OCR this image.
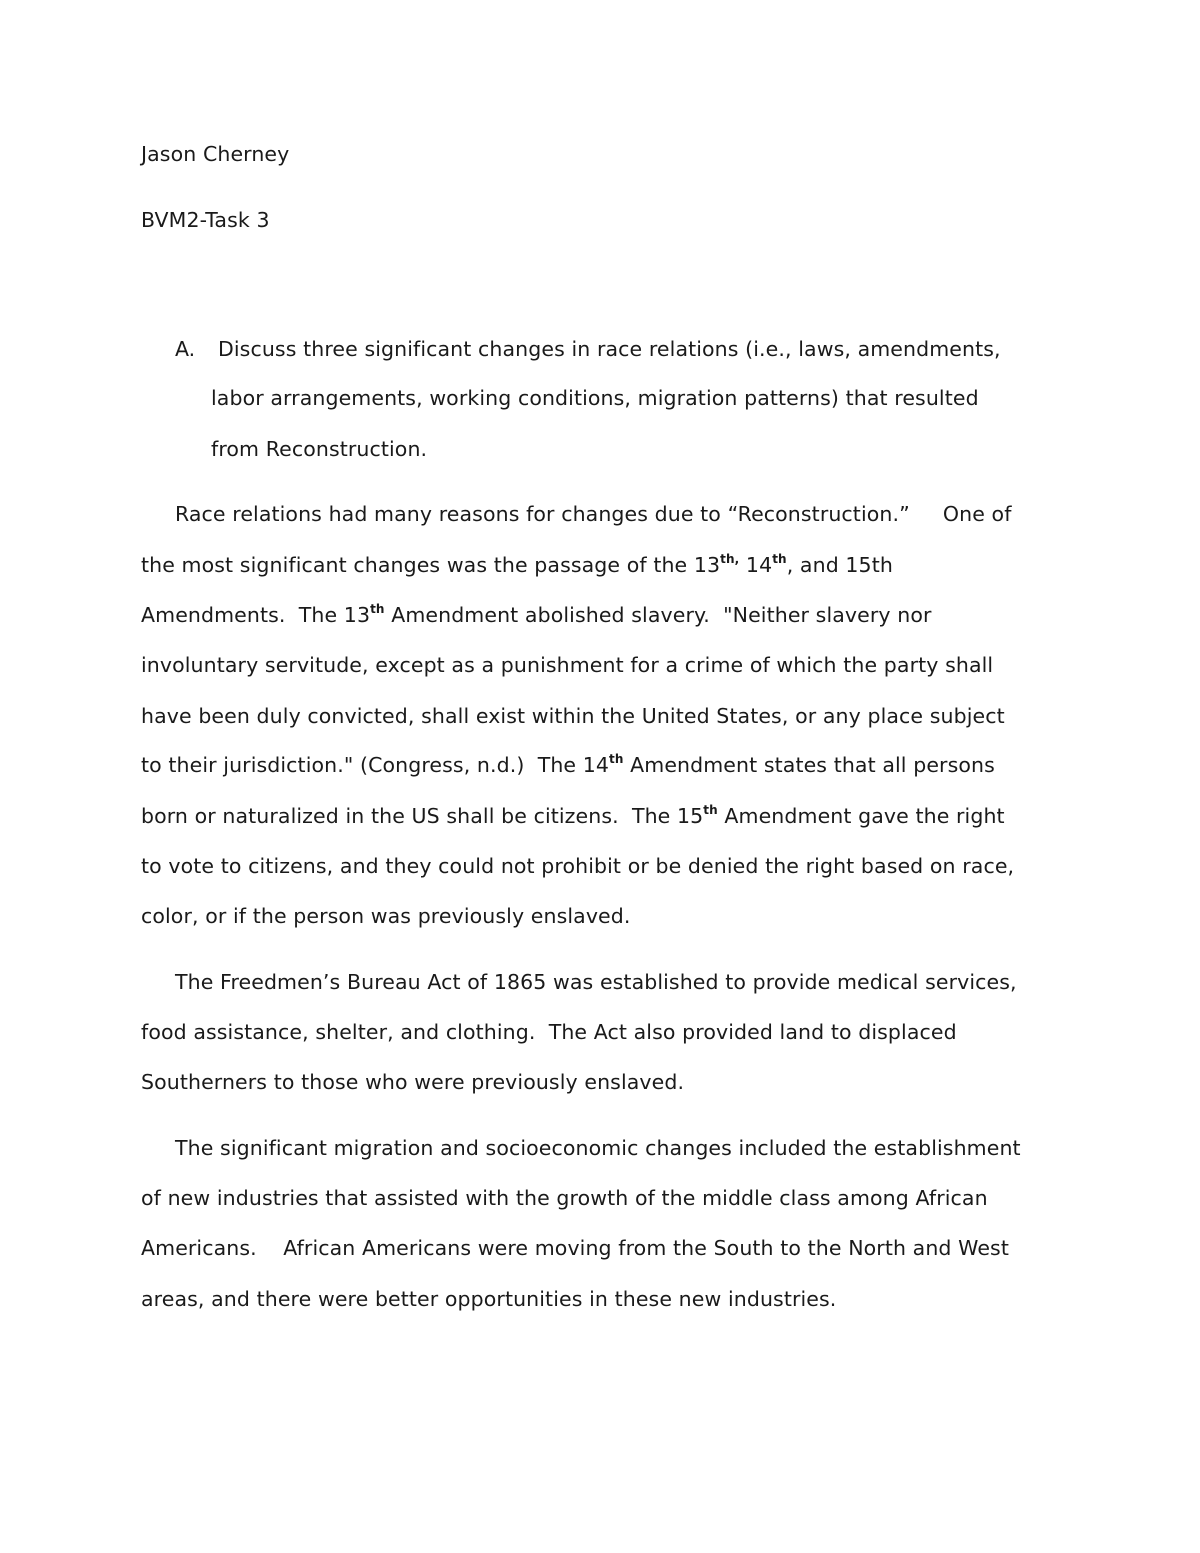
Jason Cherney
BVM2-Task 3
A. Discuss three significant changes in race relations (i.e., laws, amendments,
labor arrangements, working conditions, migration patterns) that resulted
from Reconstruction.
Race relations had many reasons for changes due to “Reconstruction.”     One of
the most significant changes was the passage of the $13^{th,}$ 14th, and 15th
Amendments.  The 13th Amendment abolished slavery.  "Neither slavery nor
involuntary servitude, except as a punishment for a crime of which the party shall
have been duly convicted, shall exist within the United States, or any place subject
to their jurisdiction." (Congress, n.d.)  The 14th Amendment states that all persons
born or naturalized in the US shall be citizens.  The 15th Amendment gave the right
to vote to citizens, and they could not prohibit or be denied the right based on race,
color, or if the person was previously enslaved.
The Freedmen’s Bureau Act of 1865 was established to provide medical services,
food assistance, shelter, and clothing.  The Act also provided land to displaced
Southerners to those who were previously enslaved.
The significant migration and socioeconomic changes included the establishment
of new industries that assisted with the growth of the middle class among African
Americans.    African Americans were moving from the South to the North and West
areas, and there were better opportunities in these new industries.
